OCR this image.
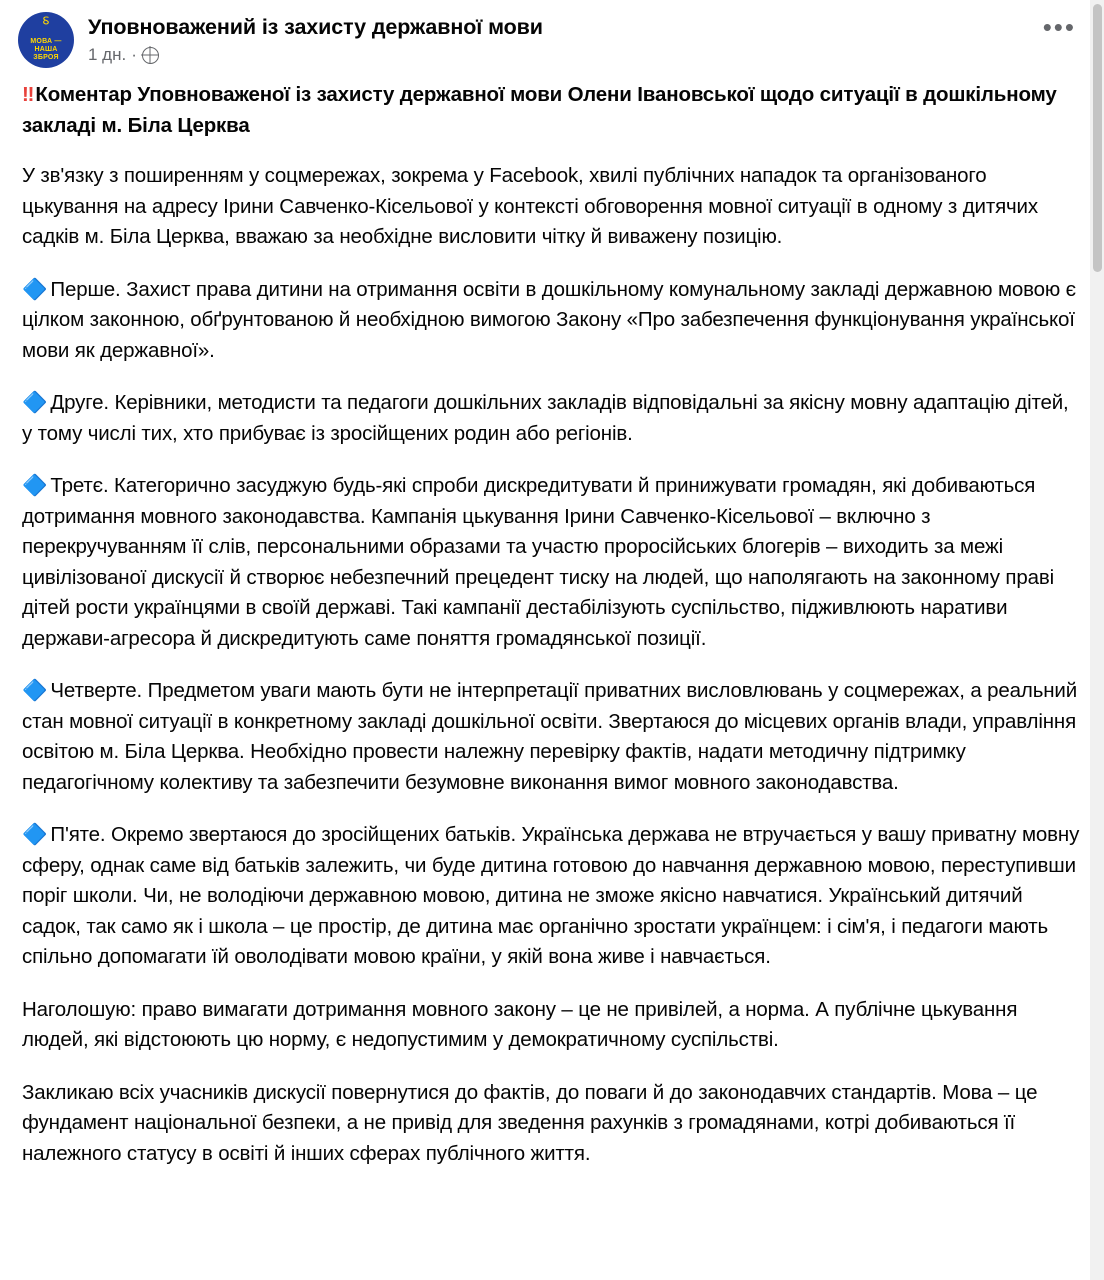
⸹
МОВА — НАША
ЗБРОЯ
Уповноважений із захисту державної мови
1 дн. ·
•••

‼Коментар Уповноваженої із захисту державної мови Олени Івановської щодо ситуації в дошкільному закладі м. Біла Церква

У зв'язку з поширенням у соцмережах, зокрема у Facebook, хвилі публічних нападок та організованого цькування на адресу Ірини Савченко-Кісельової у контексті обговорення мовної ситуації в одному з дитячих садків м. Біла Церква, вважаю за необхідне висловити чітку й виважену позицію.

🔷 Перше. Захист права дитини на отримання освіти в дошкільному комунальному закладі державною мовою є цілком законною, обґрунтованою й необхідною вимогою Закону «Про забезпечення функціонування української мови як державної».

🔷 Друге. Керівники, методисти та педагоги дошкільних закладів відповідальні за якісну мовну адаптацію дітей, у тому числі тих, хто прибуває із зросійщених родин або регіонів.

🔷 Третє. Категорично засуджую будь-які спроби дискредитувати й принижувати громадян, які добиваються дотримання мовного законодавства. Кампанія цькування Ірини Савченко-Кісельової – включно з перекручуванням її слів, персональними образами та участю проросійських блогерів – виходить за межі цивілізованої дискусії й створює небезпечний прецедент тиску на людей, що наполягають на законному праві дітей рости українцями в своїй державі. Такі кампанії дестабілізують суспільство, підживлюють наративи держави-агресора й дискредитують саме поняття громадянської позиції.

🔷 Четверте. Предметом уваги мають бути не інтерпретації приватних висловлювань у соцмережах, а реальний стан мовної ситуації в конкретному закладі дошкільної освіти. Звертаюся до місцевих органів влади, управління освітою м. Біла Церква. Необхідно провести належну перевірку фактів, надати методичну підтримку педагогічному колективу та забезпечити безумовне виконання вимог мовного законодавства.

🔷 П'яте. Окремо звертаюся до зросійщених батьків. Українська держава не втручається у вашу приватну мовну сферу, однак саме від батьків залежить, чи буде дитина готовою до навчання державною мовою, переступивши поріг школи. Чи, не володіючи державною мовою, дитина не зможе якісно навчатися. Український дитячий садок, так само як і школа – це простір, де дитина має органічно зростати українцем: і сім'я, і педагоги мають спільно допомагати їй оволодівати мовою країни, у якій вона живе і навчається.

Наголошую: право вимагати дотримання мовного закону – це не привілей, а норма. А публічне цькування людей, які відстоюють цю норму, є недопустимим у демократичному суспільстві.

Закликаю всіх учасників дискусії повернутися до фактів, до поваги й до законодавчих стандартів. Мова – це фундамент національної безпеки, а не привід для зведення рахунків з громадянами, котрі добиваються її належного статусу в освіті й інших сферах публічного життя.
